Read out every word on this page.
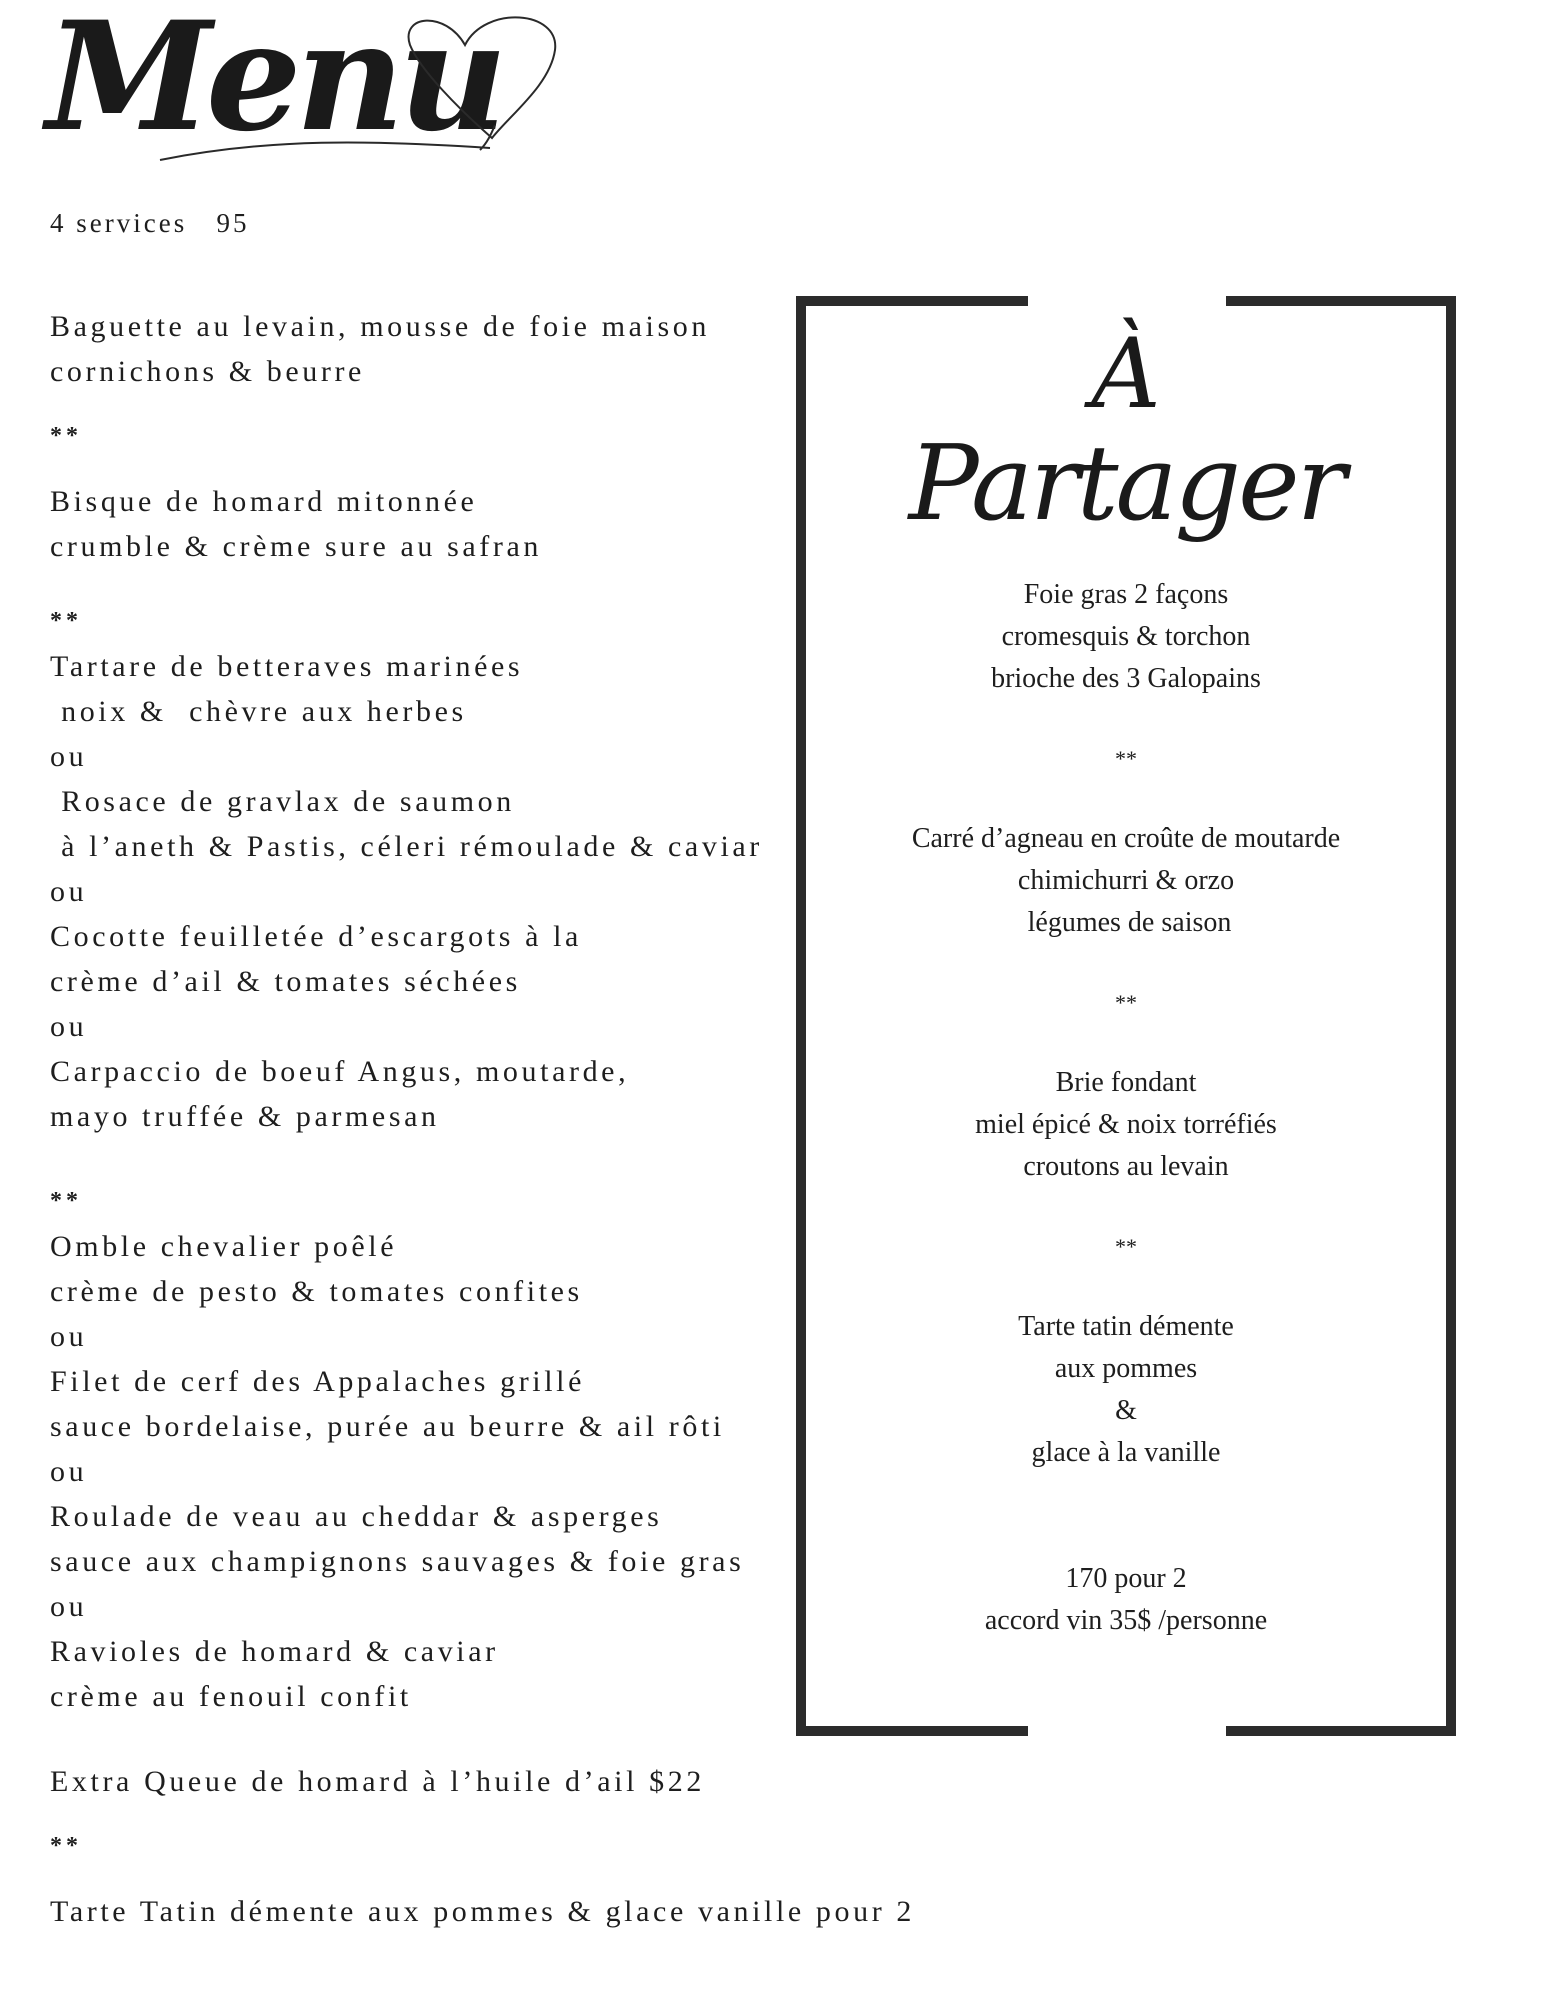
Menu
4 services   95
Baguette au levain, mousse de foie maison
cornichons & beurre
**
Bisque de homard mitonnée
crumble & crème sure au safran
**
Tartare de betteraves marinées
noix &  chèvre aux herbes
ou
Rosace de gravlax de saumon
à l’aneth & Pastis, céleri rémoulade & caviar
ou
Cocotte feuilletée d’escargots à la
crème d’ail & tomates séchées
ou
Carpaccio de boeuf Angus, moutarde,
mayo truffée & parmesan
**
Omble chevalier poêlé
crème de pesto & tomates confites
ou
Filet de cerf des Appalaches grillé
sauce bordelaise, purée au beurre & ail rôti
ou
Roulade de veau au cheddar & asperges
sauce aux champignons sauvages & foie gras
ou
Ravioles de homard & caviar
crème au fenouil confit
Extra Queue de homard à l’huile d’ail $22
**
Tarte Tatin démente aux pommes & glace vanille pour 2
À
Partager
Foie gras 2 façons
cromesquis & torchon
brioche des 3 Galopains
**
Carré d’agneau en croûte de moutarde
chimichurri & orzo
légumes de saison
**
Brie fondant
miel épicé & noix torréfiés
croutons au levain
**
Tarte tatin démente
aux pommes
&
glace à la vanille
170 pour 2
accord vin 35$ /personne
